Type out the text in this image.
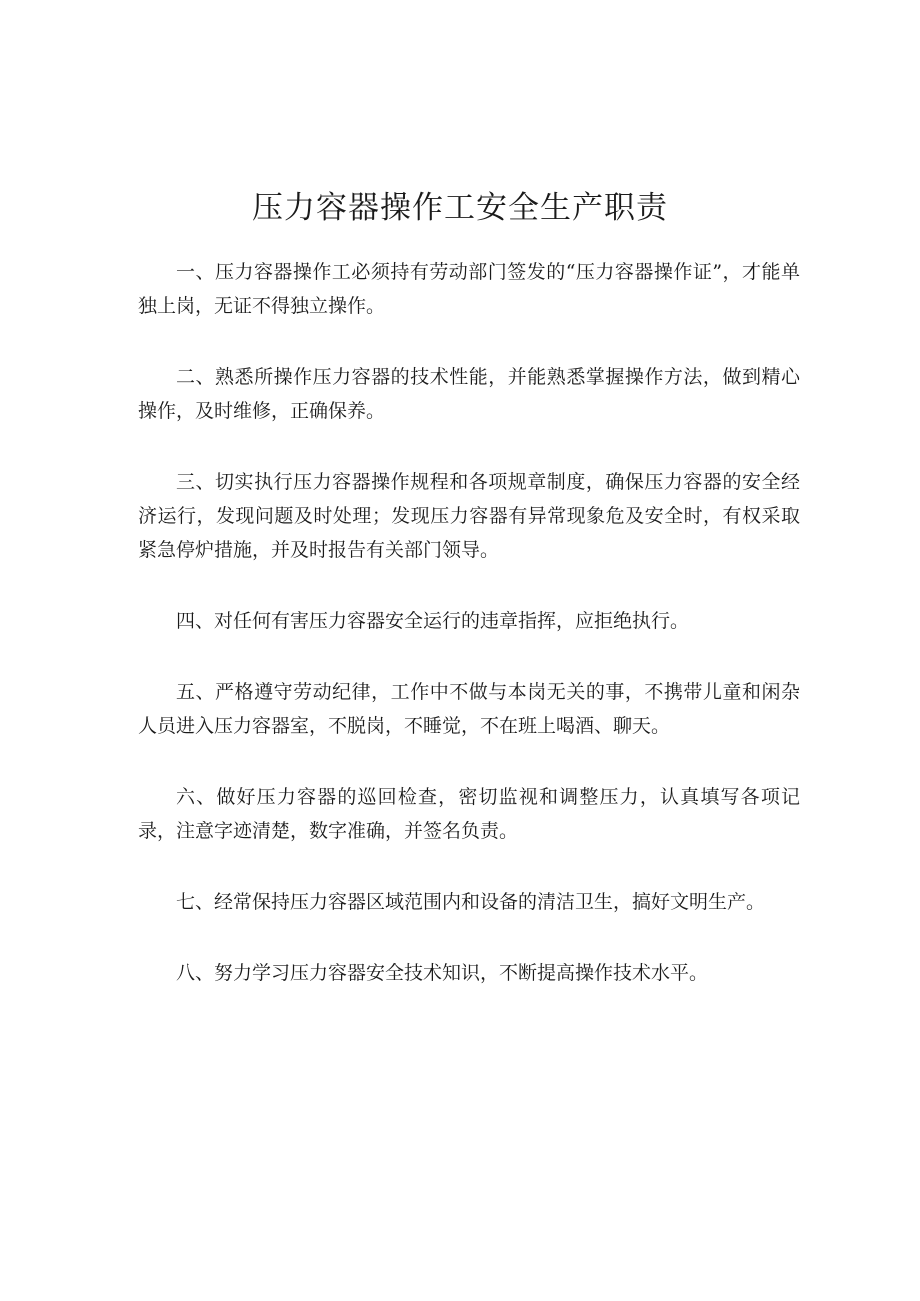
压力容器操作工安全生产职责

一、压力容器操作工必须持有劳动部门签发的“压力容器操作证”，才能单独上岗，无证不得独立操作。

二、熟悉所操作压力容器的技术性能，并能熟悉掌握操作方法，做到精心操作，及时维修，正确保养。

三、切实执行压力容器操作规程和各项规章制度，确保压力容器的安全经济运行，发现问题及时处理；发现压力容器有异常现象危及安全时，有权采取紧急停炉措施，并及时报告有关部门领导。

四、对任何有害压力容器安全运行的违章指挥，应拒绝执行。

五、严格遵守劳动纪律，工作中不做与本岗无关的事，不携带儿童和闲杂人员进入压力容器室，不脱岗，不睡觉，不在班上喝酒、聊天。

六、做好压力容器的巡回检查，密切监视和调整压力，认真填写各项记录，注意字迹清楚，数字准确，并签名负责。

七、经常保持压力容器区域范围内和设备的清洁卫生，搞好文明生产。

八、努力学习压力容器安全技术知识，不断提高操作技术水平。
